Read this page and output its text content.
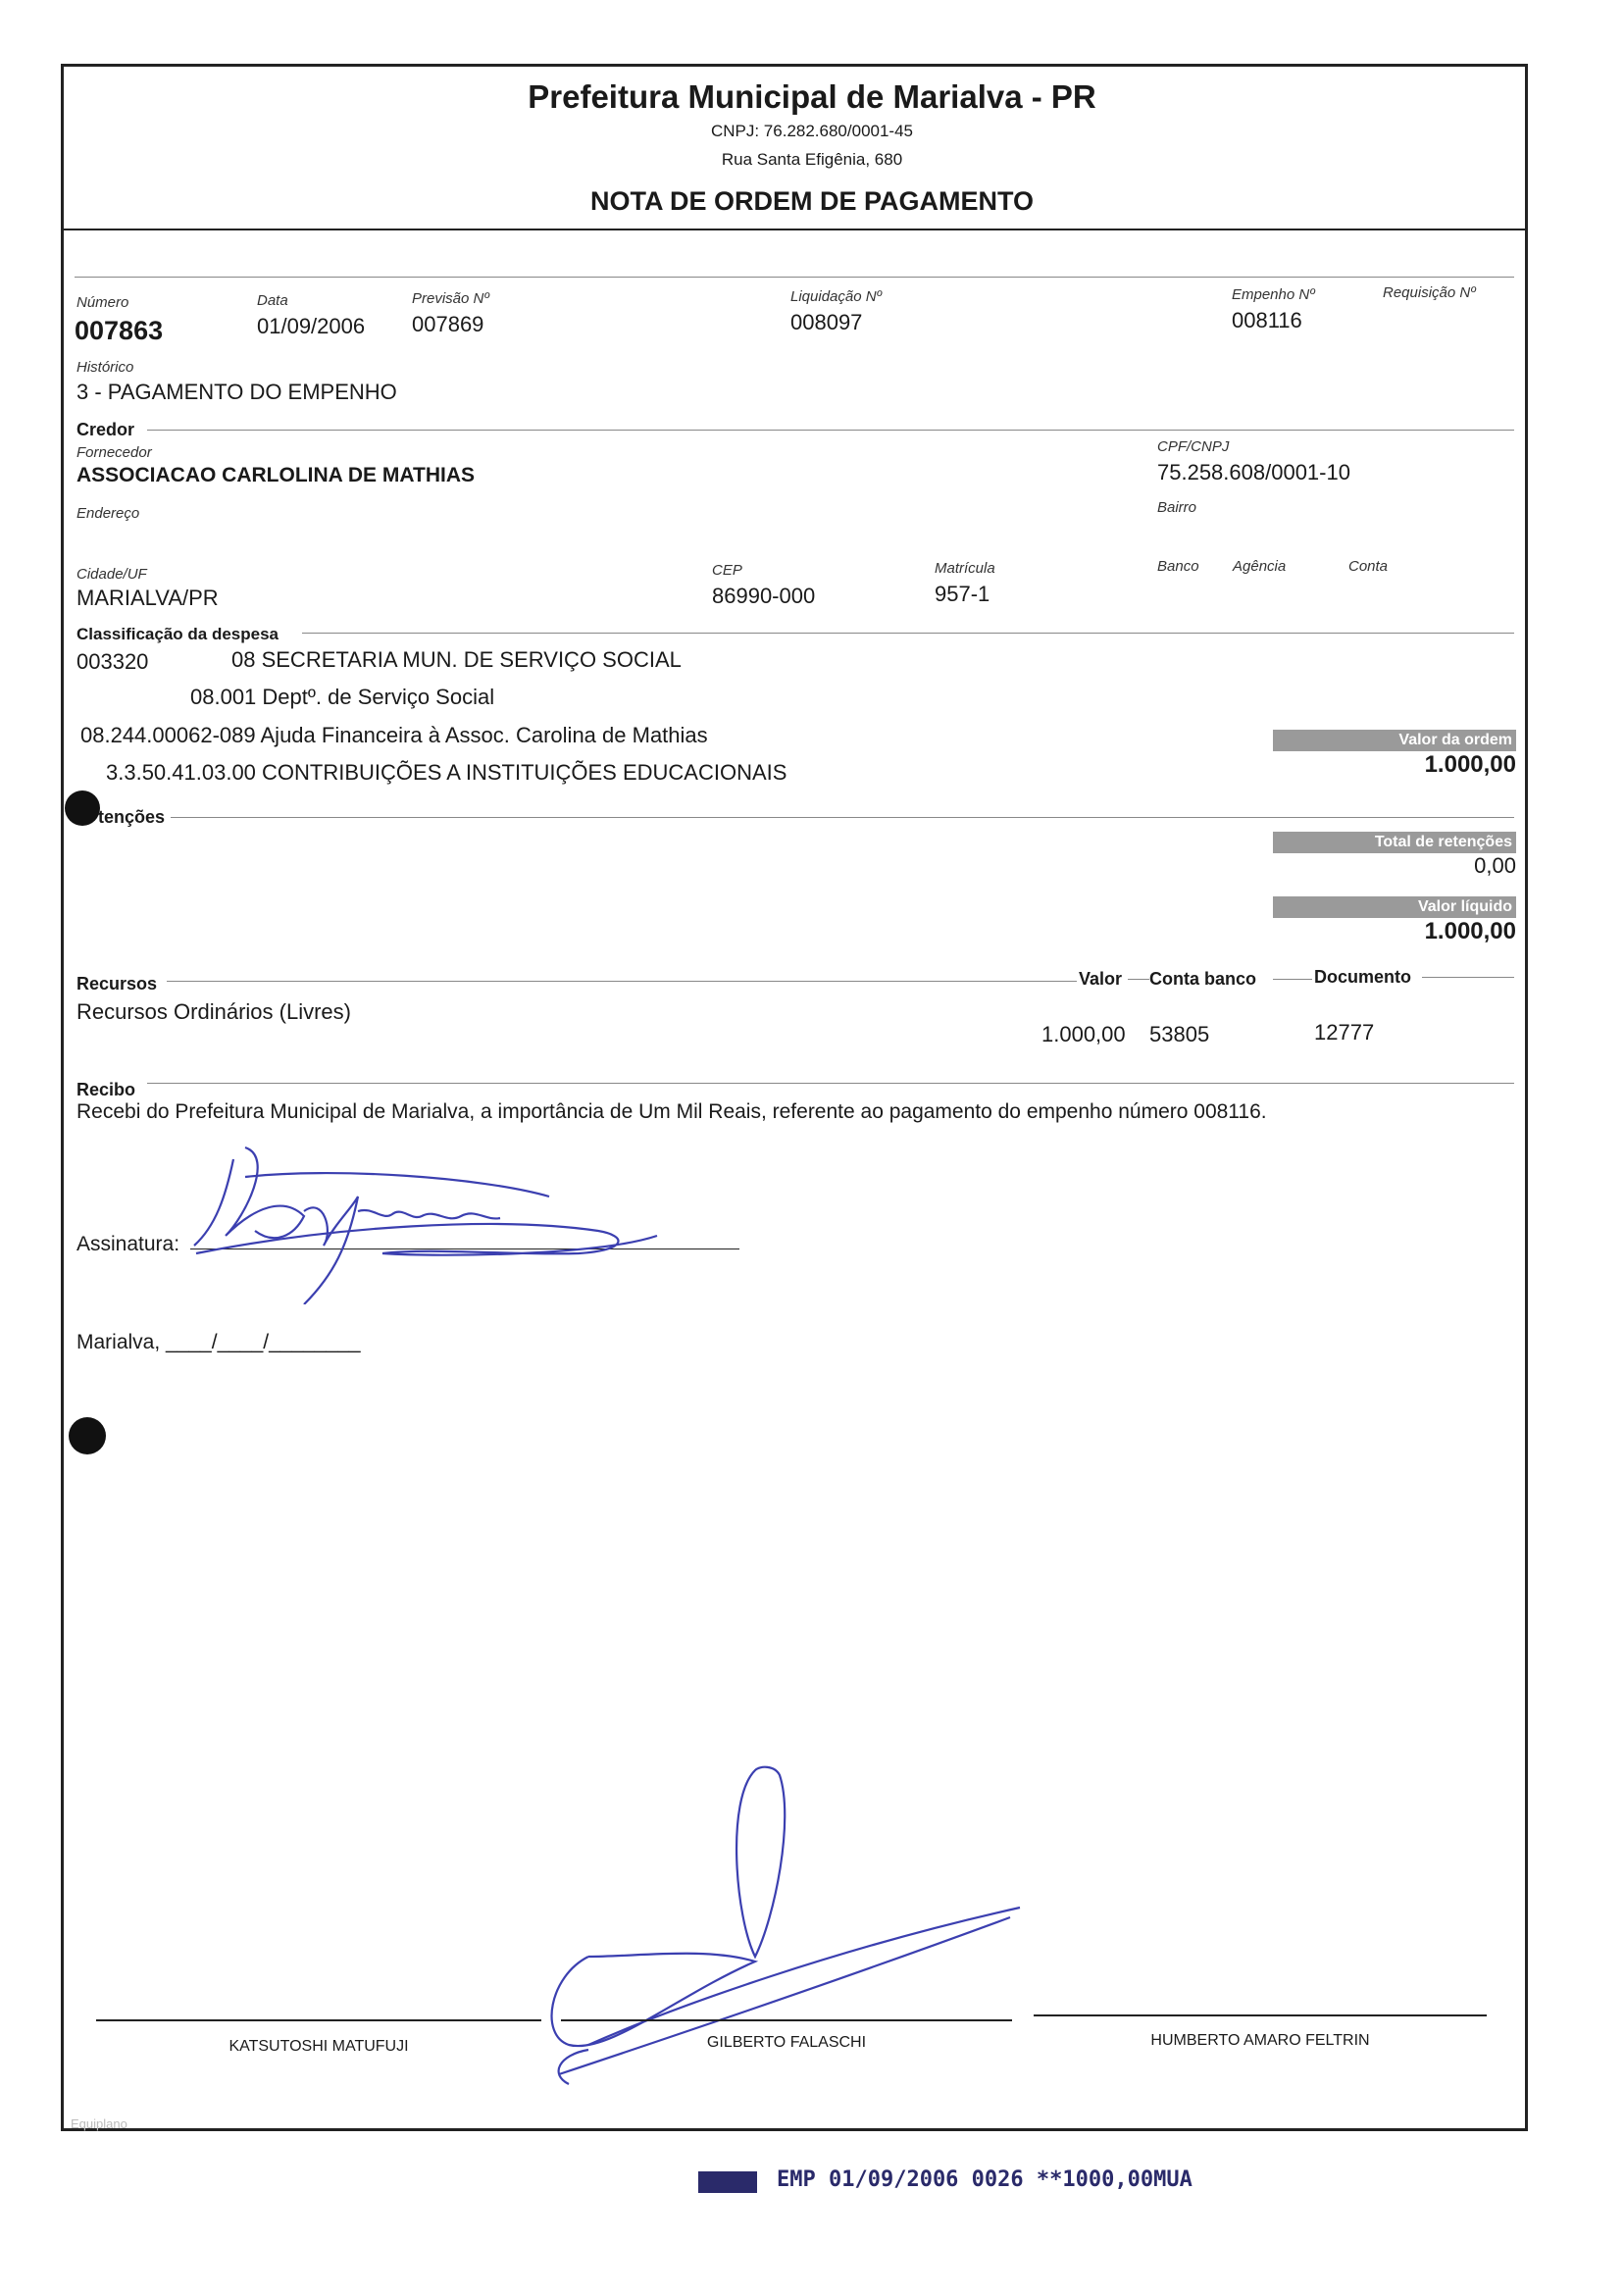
Prefeitura Municipal de Marialva - PR
CNPJ: 76.282.680/0001-45
Rua Santa Efigênia, 680
NOTA DE ORDEM DE PAGAMENTO
Número
007863
Data
01/09/2006
Previsão Nº
007869
Liquidação Nº
008097
Empenho Nº
008116
Requisição Nº
Histórico
3 - PAGAMENTO DO EMPENHO
Credor
Fornecedor
ASSOCIACAO CARLOLINA DE MATHIAS
CPF/CNPJ
75.258.608/0001-10
Endereço	Bairro
Cidade/UF
MARIALVA/PR
CEP
86990-000
Matrícula
957-1
Banco Agência	Conta
Classificação da despesa
003320	08 SECRETARIA MUN. DE SERVIÇO SOCIAL
08.001 Deptº. de Serviço Social
08.244.00062-089 Ajuda Financeira à Assoc. Carolina de Mathias
3.3.50.41.03.00 CONTRIBUIÇÕES A INSTITUIÇÕES EDUCACIONAIS
Valor da ordem
1.000,00
tenções
Total de retenções
0,00
Valor líquido
1.000,00
Recursos	Valor Conta banco	Documento
Recursos Ordinários (Livres)
1.000,00 53805	12777
Recibo
Recebi do Prefeitura Municipal de Marialva, a importância de Um Mil Reais, referente ao pagamento do empenho número 008116.
Assinatura:
Marialva, ____/____/________
KATSUTOSHI MATUFUJI	GILBERTO FALASCHI	HUMBERTO AMARO FELTRIN
Equiplano
EMP 01/09/2006 0026 **1000,00MUA
